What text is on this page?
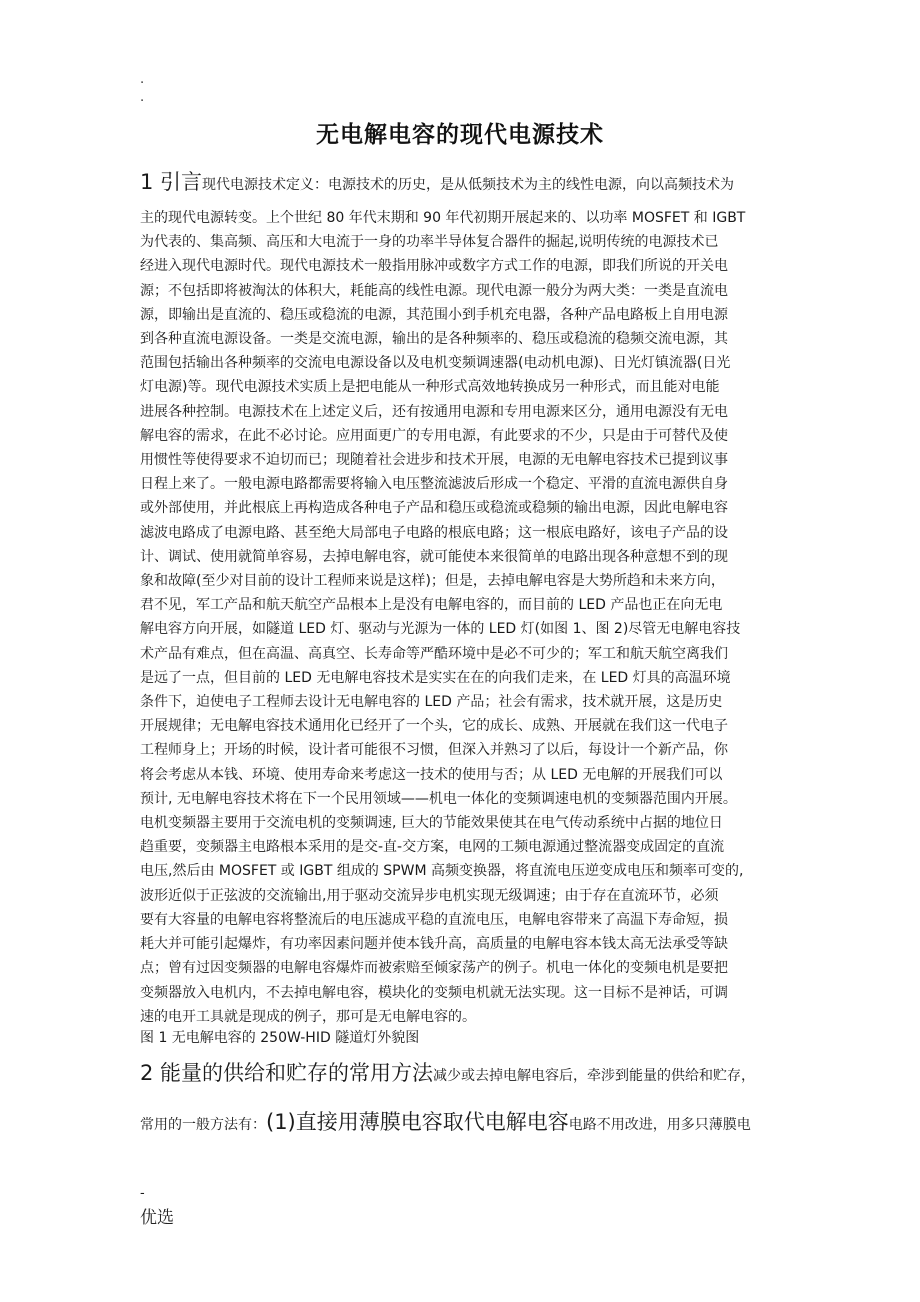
.
.
无电解电容的现代电源技术
1 引言现代电源技术定义：电源技术的历史，是从低频技术为主的线性电源，向以高频技术为
主的现代电源转变。上个世纪 80 年代末期和 90 年代初期开展起来的、以功率 MOSFET 和 IGBT
为代表的、集高频、高压和大电流于一身的功率半导体复合器件的掘起,说明传统的电源技术已
经进入现代电源时代。现代电源技术一般指用脉冲或数字方式工作的电源，即我们所说的开关电
源；不包括即将被淘汰的体积大，耗能高的线性电源。现代电源一般分为两大类：一类是直流电
源，即输出是直流的、稳压或稳流的电源，其范围小到手机充电器，各种产品电路板上自用电源
到各种直流电源设备。一类是交流电源，输出的是各种频率的、稳压或稳流的稳频交流电源，其
范围包括输出各种频率的交流电电源设备以及电机变频调速器(电动机电源)、日光灯镇流器(日光
灯电源)等。现代电源技术实质上是把电能从一种形式高效地转换成另一种形式，而且能对电能
进展各种控制。电源技术在上述定义后，还有按通用电源和专用电源来区分，通用电源没有无电
解电容的需求，在此不必讨论。应用面更广的专用电源，有此要求的不少，只是由于可替代及使
用惯性等使得要求不迫切而已；现随着社会进步和技术开展，电源的无电解电容技术已提到议事
日程上来了。一般电源电路都需要将输入电压整流滤波后形成一个稳定、平滑的直流电源供自身
或外部使用，并此根底上再构造成各种电子产品和稳压或稳流或稳频的输出电源，因此电解电容
滤波电路成了电源电路、甚至绝大局部电子电路的根底电路；这一根底电路好，该电子产品的设
计、调试、使用就简单容易，去掉电解电容，就可能使本来很简单的电路出现各种意想不到的现
象和故障(至少对目前的设计工程师来说是这样)；但是，去掉电解电容是大势所趋和未来方向，
君不见，军工产品和航天航空产品根本上是没有电解电容的，而目前的 LED 产品也正在向无电
解电容方向开展，如隧道 LED 灯、驱动与光源为一体的 LED 灯(如图 1、图 2)尽管无电解电容技
术产品有难点，但在高温、高真空、长寿命等严酷环境中是必不可少的；军工和航天航空离我们
是远了一点，但目前的 LED 无电解电容技术是实实在在的向我们走来，在 LED 灯具的高温环境
条件下，迫使电子工程师去设计无电解电容的 LED 产品；社会有需求，技术就开展，这是历史
开展规律；无电解电容技术通用化已经开了一个头，它的成长、成熟、开展就在我们这一代电子
工程师身上；开场的时候，设计者可能很不习惯，但深入并熟习了以后，每设计一个新产品，你
将会考虑从本钱、环境、使用寿命来考虑这一技术的使用与否；从 LED 无电解的开展我们可以
预计, 无电解电容技术将在下一个民用领域——机电一体化的变频调速电机的变频器范围内开展。
电机变频器主要用于交流电机的变频调速, 巨大的节能效果使其在电气传动系统中占据的地位日
趋重要，变频器主电路根本采用的是交-直-交方案，电网的工频电源通过整流器变成固定的直流
电压,然后由 MOSFET 或 IGBT 组成的 SPWM 高频变换器，将直流电压逆变成电压和频率可变的,
波形近似于正弦波的交流输出,用于驱动交流异步电机实现无级调速；由于存在直流环节，必须
要有大容量的电解电容将整流后的电压滤成平稳的直流电压，电解电容带来了高温下寿命短，损
耗大并可能引起爆炸，有功率因素问题并使本钱升高，高质量的电解电容本钱太高无法承受等缺
点；曾有过因变频器的电解电容爆炸而被索赔至倾家荡产的例子。机电一体化的变频电机是要把
变频器放入电机内，不去掉电解电容，模块化的变频电机就无法实现。这一目标不是神话，可调
速的电开工具就是现成的例子，那可是无电解电容的。
图 1 无电解电容的 250W-HID 隧道灯外貌图
2 能量的供给和贮存的常用方法减少或去掉电解电容后，牵涉到能量的供给和贮存，
常用的一般方法有：(1)直接用薄膜电容取代电解电容电路不用改进，用多只薄膜电
-
优选
